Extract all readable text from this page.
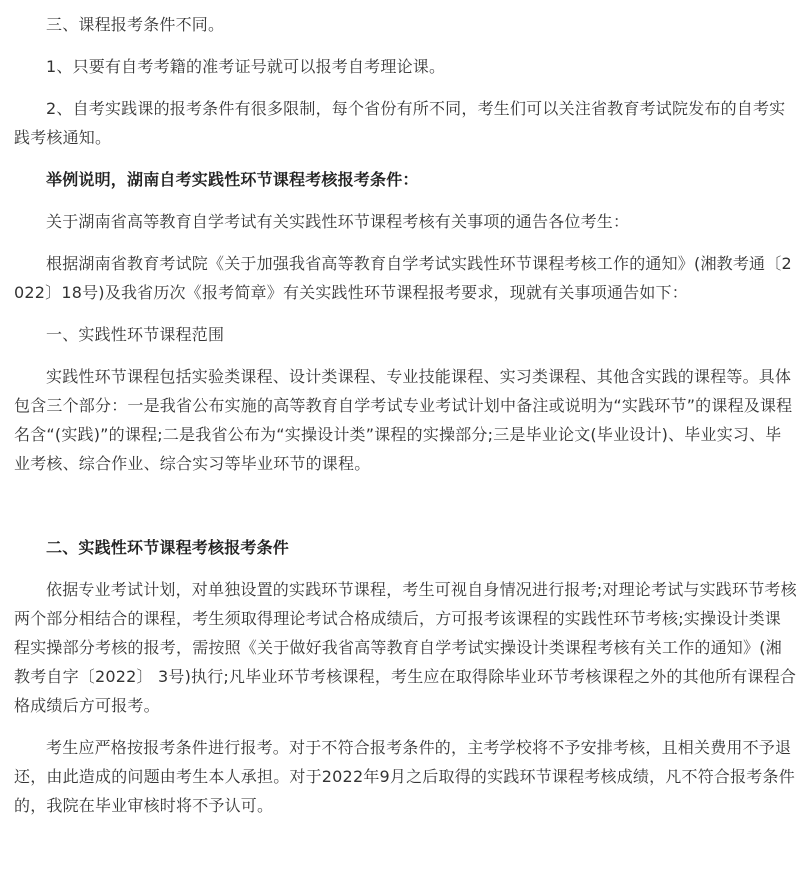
三、课程报考条件不同。

1、只要有自考考籍的准考证号就可以报考自考理论课。

2、自考实践课的报考条件有很多限制，每个省份有所不同，考生们可以关注省教育考试院发布的自考实践考核通知。

举例说明，湖南自考实践性环节课程考核报考条件：

关于湖南省高等教育自学考试有关实践性环节课程考核有关事项的通告各位考生：

根据湖南省教育考试院《关于加强我省高等教育自学考试实践性环节课程考核工作的通知》(湘教考通〔2022〕18号)及我省历次《报考简章》有关实践性环节课程报考要求，现就有关事项通告如下：

一、实践性环节课程范围

实践性环节课程包括实验类课程、设计类课程、专业技能课程、实习类课程、其他含实践的课程等。具体包含三个部分：一是我省公布实施的高等教育自学考试专业考试计划中备注或说明为“实践环节”的课程及课程名含“(实践)”的课程;二是我省公布为“实操设计类”课程的实操部分;三是毕业论文(毕业设计)、毕业实习、毕业考核、综合作业、综合实习等毕业环节的课程。

二、实践性环节课程考核报考条件

依据专业考试计划，对单独设置的实践环节课程，考生可视自身情况进行报考;对理论考试与实践环节考核两个部分相结合的课程，考生须取得理论考试合格成绩后，方可报考该课程的实践性环节考核;实操设计类课程实操部分考核的报考，需按照《关于做好我省高等教育自学考试实操设计类课程考核有关工作的通知》(湘教考自字〔2022〕 3号)执行;凡毕业环节考核课程，考生应在取得除毕业环节考核课程之外的其他所有课程合格成绩后方可报考。

考生应严格按报考条件进行报考。对于不符合报考条件的，主考学校将不予安排考核，且相关费用不予退还，由此造成的问题由考生本人承担。对于2022年9月之后取得的实践环节课程考核成绩，凡不符合报考条件的，我院在毕业审核时将不予认可。
